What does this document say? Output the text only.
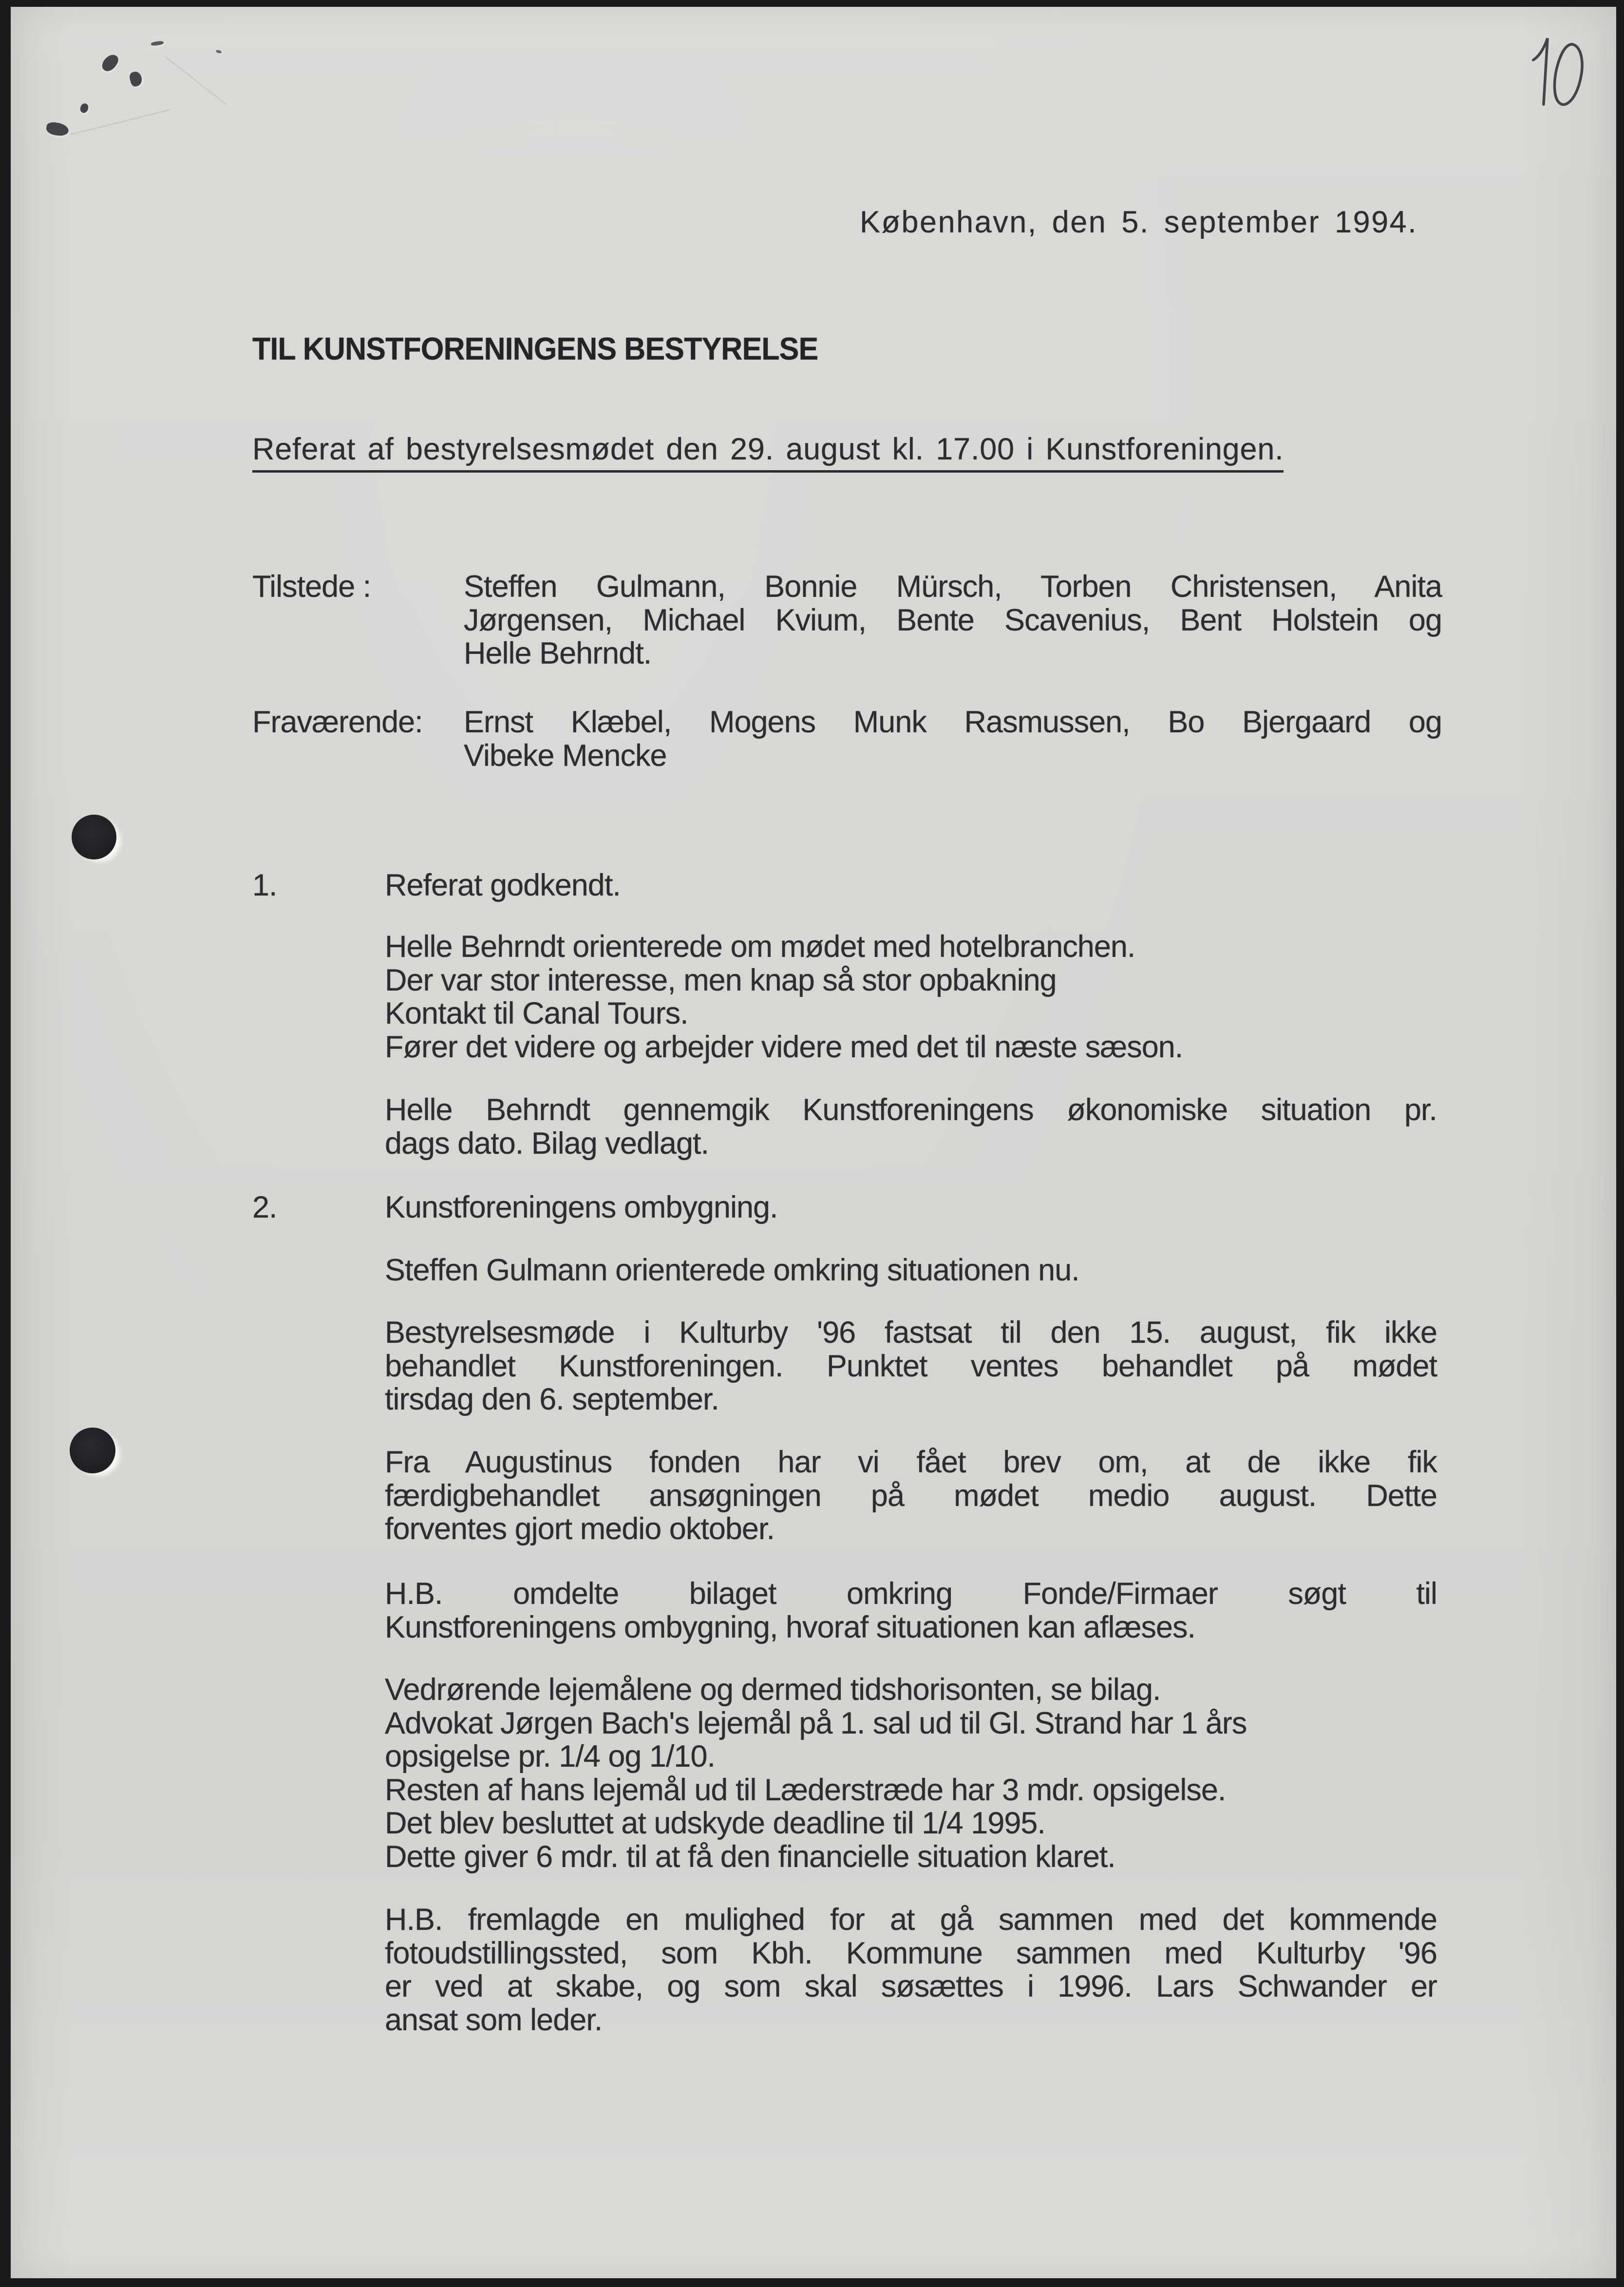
København, den 5. september 1994.
TIL KUNSTFORENINGENS BESTYRELSE
Referat af bestyrelsesmødet den 29. august kl. 17.00 i Kunstforeningen.
Tilstede :	Steffen Gulmann, Bonnie Mürsch, Torben Christensen, Anita
Jørgensen, Michael Kvium, Bente Scavenius, Bent Holstein og
Helle Behrndt.
Fraværende: Ernst Klæbel, Mogens Munk Rasmussen, Bo Bjergaard og
Vibeke Mencke
1.	Referat godkendt.
Helle Behrndt orienterede om mødet med hotelbranchen.
Der var stor interesse, men knap så stor opbakning
Kontakt til Canal Tours.
Fører det videre og arbejder videre med det til næste sæson.
Helle Behrndt gennemgik Kunstforeningens økonomiske situation pr.
dags dato. Bilag vedlagt.
2.	Kunstforeningens ombygning.
Steffen Gulmann orienterede omkring situationen nu.
Bestyrelsesmøde i Kulturby '96 fastsat til den 15. august, fik ikke
behandlet Kunstforeningen. Punktet ventes behandlet på mødet
tirsdag den 6. september.
Fra Augustinus fonden har vi fået brev om, at de ikke fik
færdigbehandlet ansøgningen på mødet medio august. Dette
forventes gjort medio oktober.
H.B. omdelte bilaget omkring Fonde/Firmaer søgt til
Kunstforeningens ombygning, hvoraf situationen kan aflæses.
Vedrørende lejemålene og dermed tidshorisonten, se bilag.
Advokat Jørgen Bach's lejemål på 1. sal ud til Gl. Strand har 1 års
opsigelse pr. 1/4 og 1/10.
Resten af hans lejemål ud til Læderstræde har 3 mdr. opsigelse.
Det blev besluttet at udskyde deadline til 1/4 1995.
Dette giver 6 mdr. til at få den financielle situation klaret.
H.B. fremlagde en mulighed for at gå sammen med det kommende
fotoudstillingssted, som Kbh. Kommune sammen med Kulturby '96
er ved at skabe, og som skal søsættes i 1996. Lars Schwander er
ansat som leder.
